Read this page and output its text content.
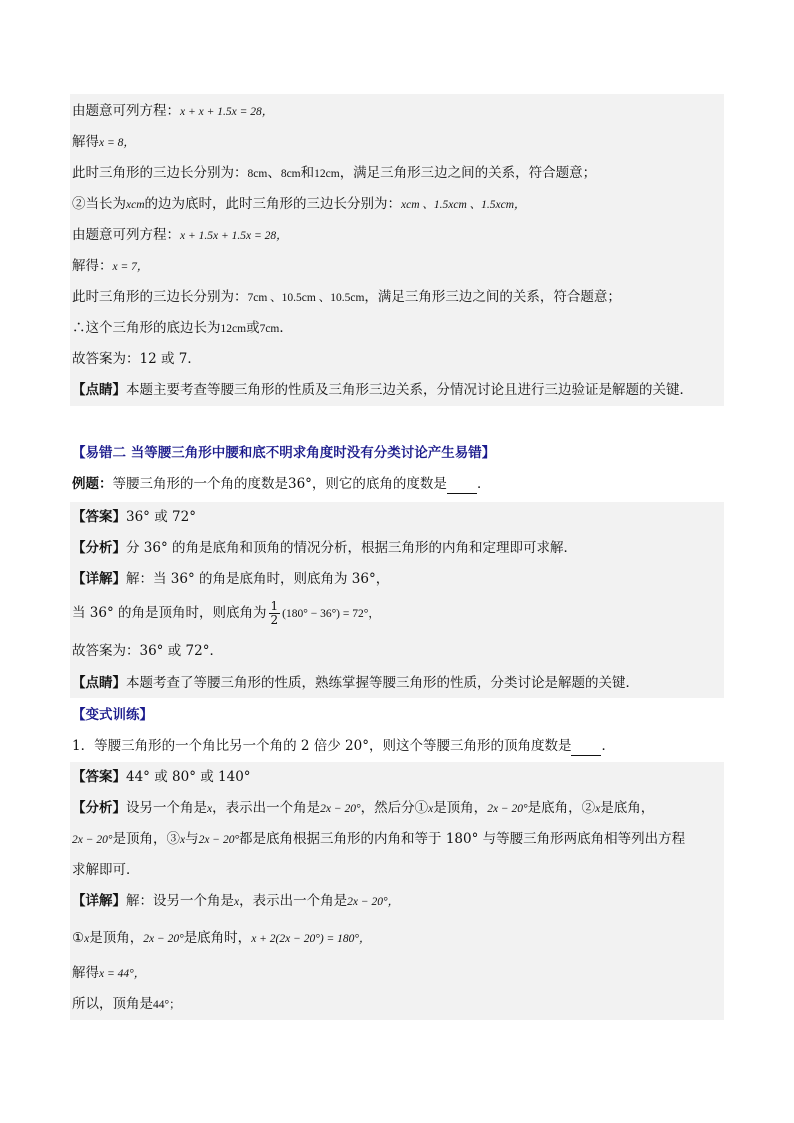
由题意可列方程：x + x + 1.5x = 28，
解得x = 8，
此时三角形的三边长分别为：8cm、8cm和12cm，满足三角形三边之间的关系，符合题意；
②当长为xcm的边为底时，此时三角形的三边长分别为：xcm 、1.5xcm 、1.5xcm，
由题意可列方程：x + 1.5x + 1.5x = 28，
解得：x = 7，
此时三角形的三边长分别为：7cm 、10.5cm 、10.5cm，满足三角形三边之间的关系，符合题意；
∴这个三角形的底边长为12cm或7cm．
故答案为：12 或 7．
【点睛】本题主要考查等腰三角形的性质及三角形三边关系，分情况讨论且进行三边验证是解题的关键．
【易错二 当等腰三角形中腰和底不明求角度时没有分类讨论产生易错】
例题：等腰三角形的一个角的度数是36°，则它的底角的度数是 ．
【答案】36° 或 72°
【分析】分 36° 的角是底角和顶角的情况分析，根据三角形的内角和定理即可求解．
【详解】解：当 36° 的角是底角时，则底角为 36°，
当 36° 的角是顶角时，则底角为 $\frac{1}{2} (180^\circ - 36^\circ) = 72^\circ$，
故答案为：36° 或 72°．
【点睛】本题考查了等腰三角形的性质，熟练掌握等腰三角形的性质，分类讨论是解题的关键．
【变式训练】
1．等腰三角形的一个角比另一个角的 2 倍少 20°，则这个等腰三角形的顶角度数是 ．
【答案】44° 或 80° 或 140°
【分析】设另一个角是x，表示出一个角是2x − 20°，然后分①x是顶角，2x − 20°是底角，②x是底角，
2x − 20°是顶角，③x与2x − 20°都是底角根据三角形的内角和等于 180° 与等腰三角形两底角相等列出方程
求解即可．
【详解】解：设另一个角是x，表示出一个角是2x − 20°，
①x是顶角，2x − 20°是底角时，x + 2(2x − 20°) = 180°，
解得x = 44°，
所以，顶角是44°；
